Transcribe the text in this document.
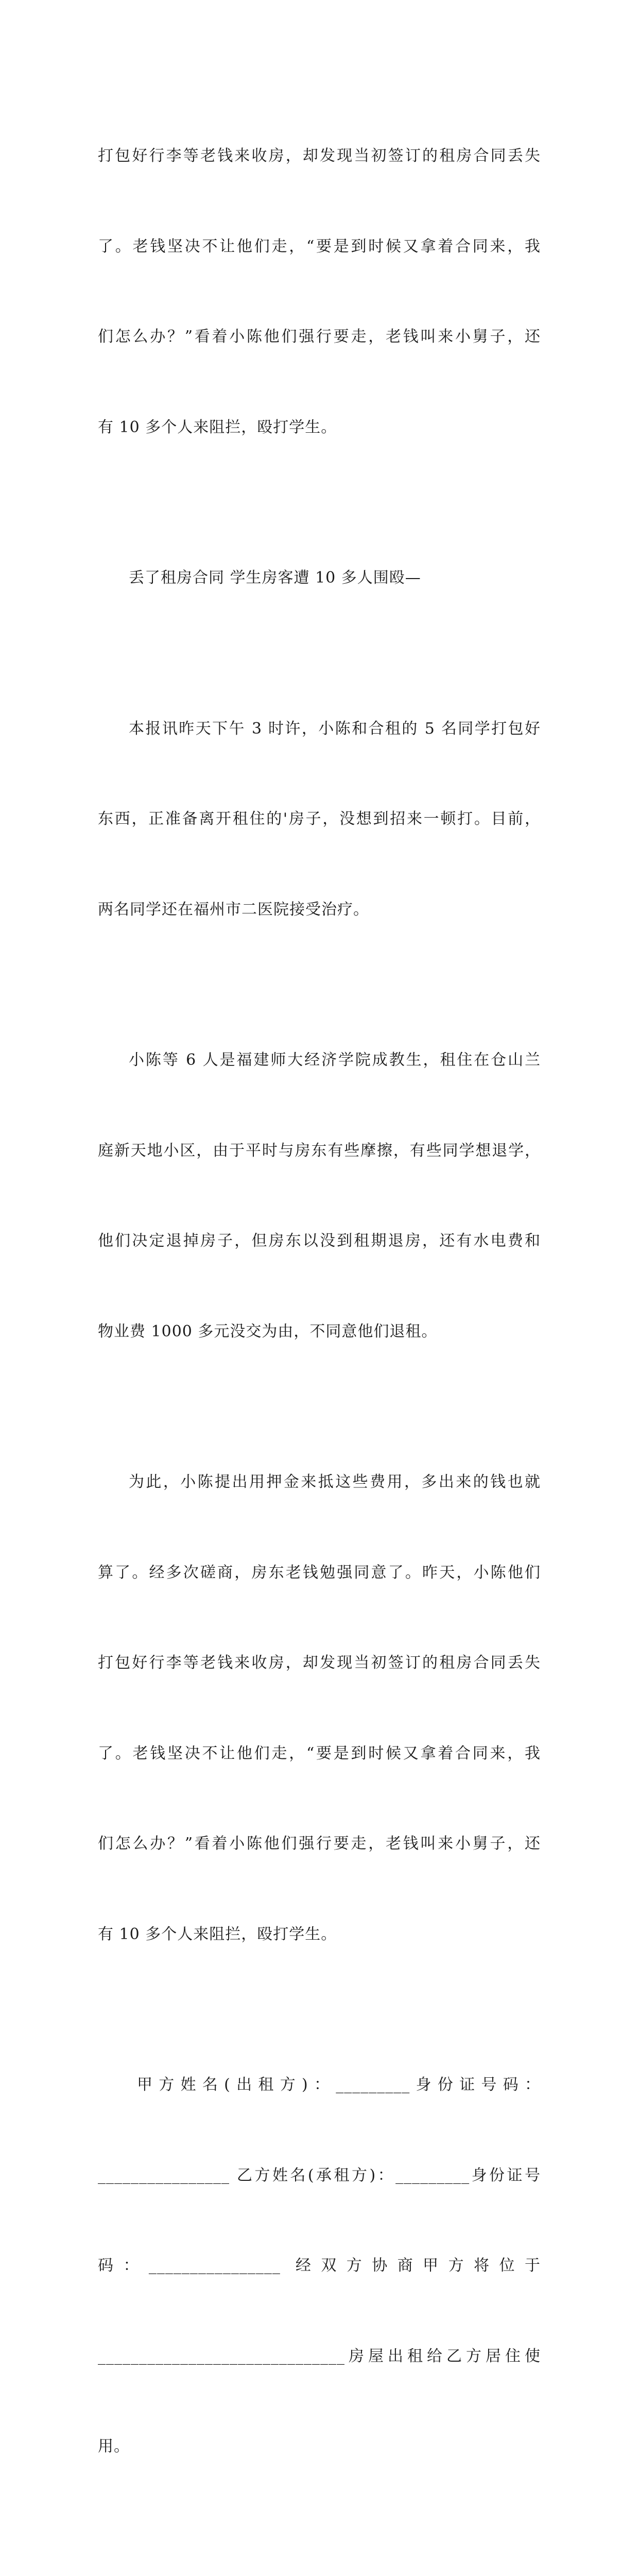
打包好行李等老钱来收房，却发现当初签订的租房合同丢失

了。老钱坚决不让他们走，“要是到时候又拿着合同来，我

们怎么办？”看着小陈他们强行要走，老钱叫来小舅子，还

有 10 多个人来阻拦，殴打学生。

丢了租房合同 学生房客遭 10 多人围殴—

本报讯昨天下午 3 时许，小陈和合租的 5 名同学打包好

东西，正准备离开租住的'房子，没想到招来一顿打。目前，

两名同学还在福州市二医院接受治疗。

小陈等 6 人是福建师大经济学院成教生，租住在仓山兰

庭新天地小区，由于平时与房东有些摩擦，有些同学想退学，

他们决定退掉房子，但房东以没到租期退房，还有水电费和

物业费 1000 多元没交为由，不同意他们退租。

为此，小陈提出用押金来抵这些费用，多出来的钱也就

算了。经多次磋商，房东老钱勉强同意了。昨天，小陈他们

打包好行李等老钱来收房，却发现当初签订的租房合同丢失

了。老钱坚决不让他们走，“要是到时候又拿着合同来，我

们怎么办？”看着小陈他们强行要走，老钱叫来小舅子，还

有 10 多个人来阻拦，殴打学生。

甲方姓名(出租方)：_________身份证号码：

________________ 乙方姓名(承租方)：_________身份证号

码：________________ 经双方协商甲方将位于

______________________________房屋出租给乙方居住使

用。
